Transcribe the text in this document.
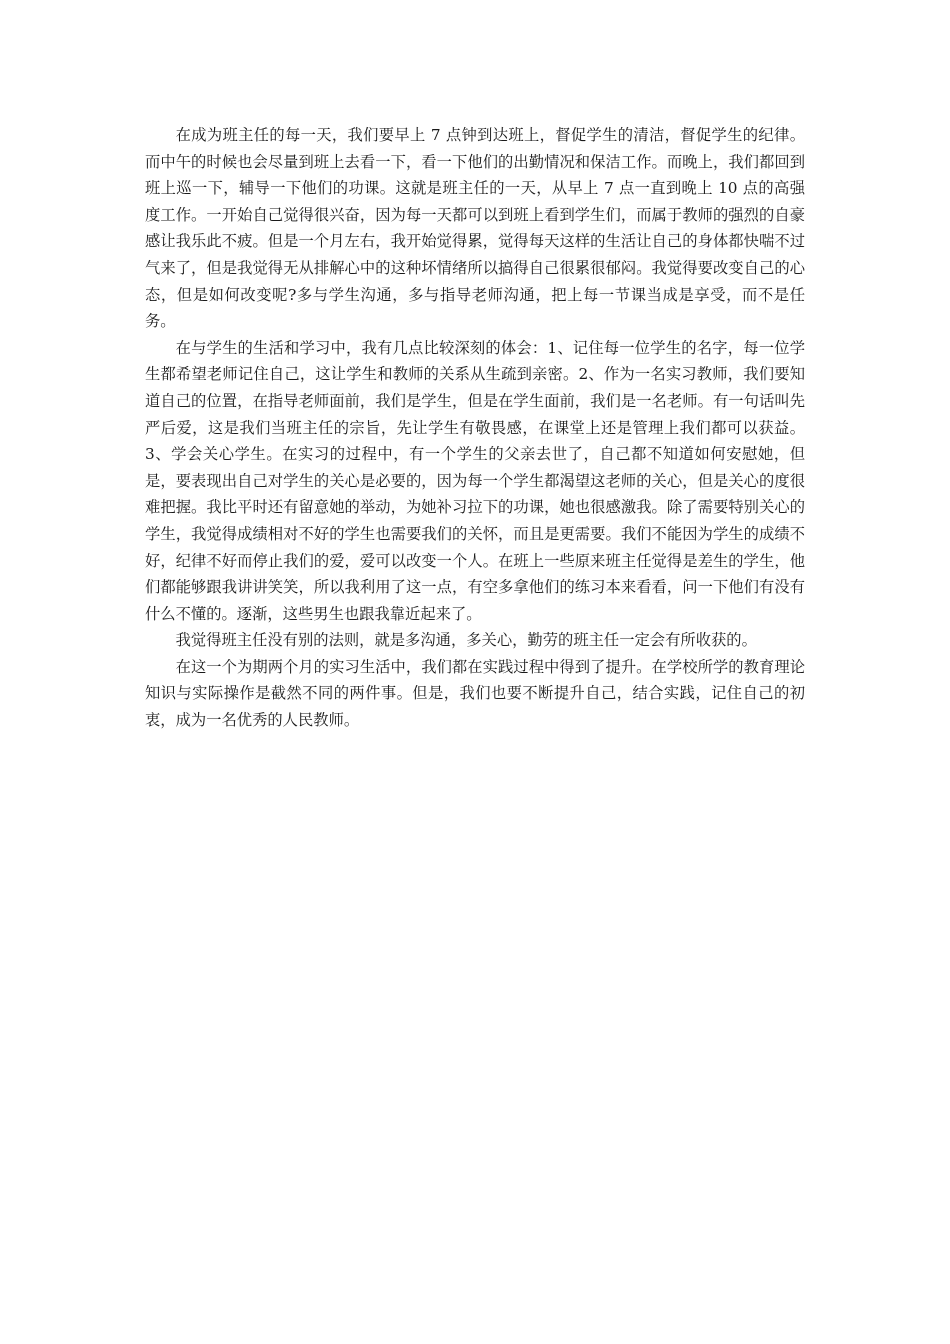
在成为班主任的每一天，我们要早上 7 点钟到达班上，督促学生的清洁，督促学生的纪律。而中午的时候也会尽量到班上去看一下，看一下他们的出勤情况和保洁工作。而晚上，我们都回到班上巡一下，辅导一下他们的功课。这就是班主任的一天，从早上 7 点一直到晚上 10 点的高强度工作。一开始自己觉得很兴奋，因为每一天都可以到班上看到学生们，而属于教师的强烈的自豪感让我乐此不疲。但是一个月左右，我开始觉得累，觉得每天这样的生活让自己的身体都快喘不过气来了，但是我觉得无从排解心中的这种坏情绪所以搞得自己很累很郁闷。我觉得要改变自己的心态，但是如何改变呢?多与学生沟通，多与指导老师沟通，把上每一节课当成是享受，而不是任务。

在与学生的生活和学习中，我有几点比较深刻的体会：1、记住每一位学生的名字，每一位学生都希望老师记住自己，这让学生和教师的关系从生疏到亲密。2、作为一名实习教师，我们要知道自己的位置，在指导老师面前，我们是学生，但是在学生面前，我们是一名老师。有一句话叫先严后爱，这是我们当班主任的宗旨，先让学生有敬畏感，在课堂上还是管理上我们都可以获益。3、学会关心学生。在实习的过程中，有一个学生的父亲去世了，自己都不知道如何安慰她，但是，要表现出自己对学生的关心是必要的，因为每一个学生都渴望这老师的关心，但是关心的度很难把握。我比平时还有留意她的举动，为她补习拉下的功课，她也很感激我。除了需要特别关心的学生，我觉得成绩相对不好的学生也需要我们的关怀，而且是更需要。我们不能因为学生的成绩不好，纪律不好而停止我们的爱，爱可以改变一个人。在班上一些原来班主任觉得是差生的学生，他们都能够跟我讲讲笑笑，所以我利用了这一点，有空多拿他们的练习本来看看，问一下他们有没有什么不懂的。逐渐，这些男生也跟我靠近起来了。

我觉得班主任没有别的法则，就是多沟通，多关心，勤劳的班主任一定会有所收获的。

在这一个为期两个月的实习生活中，我们都在实践过程中得到了提升。在学校所学的教育理论知识与实际操作是截然不同的两件事。但是，我们也要不断提升自己，结合实践，记住自己的初衷，成为一名优秀的人民教师。
